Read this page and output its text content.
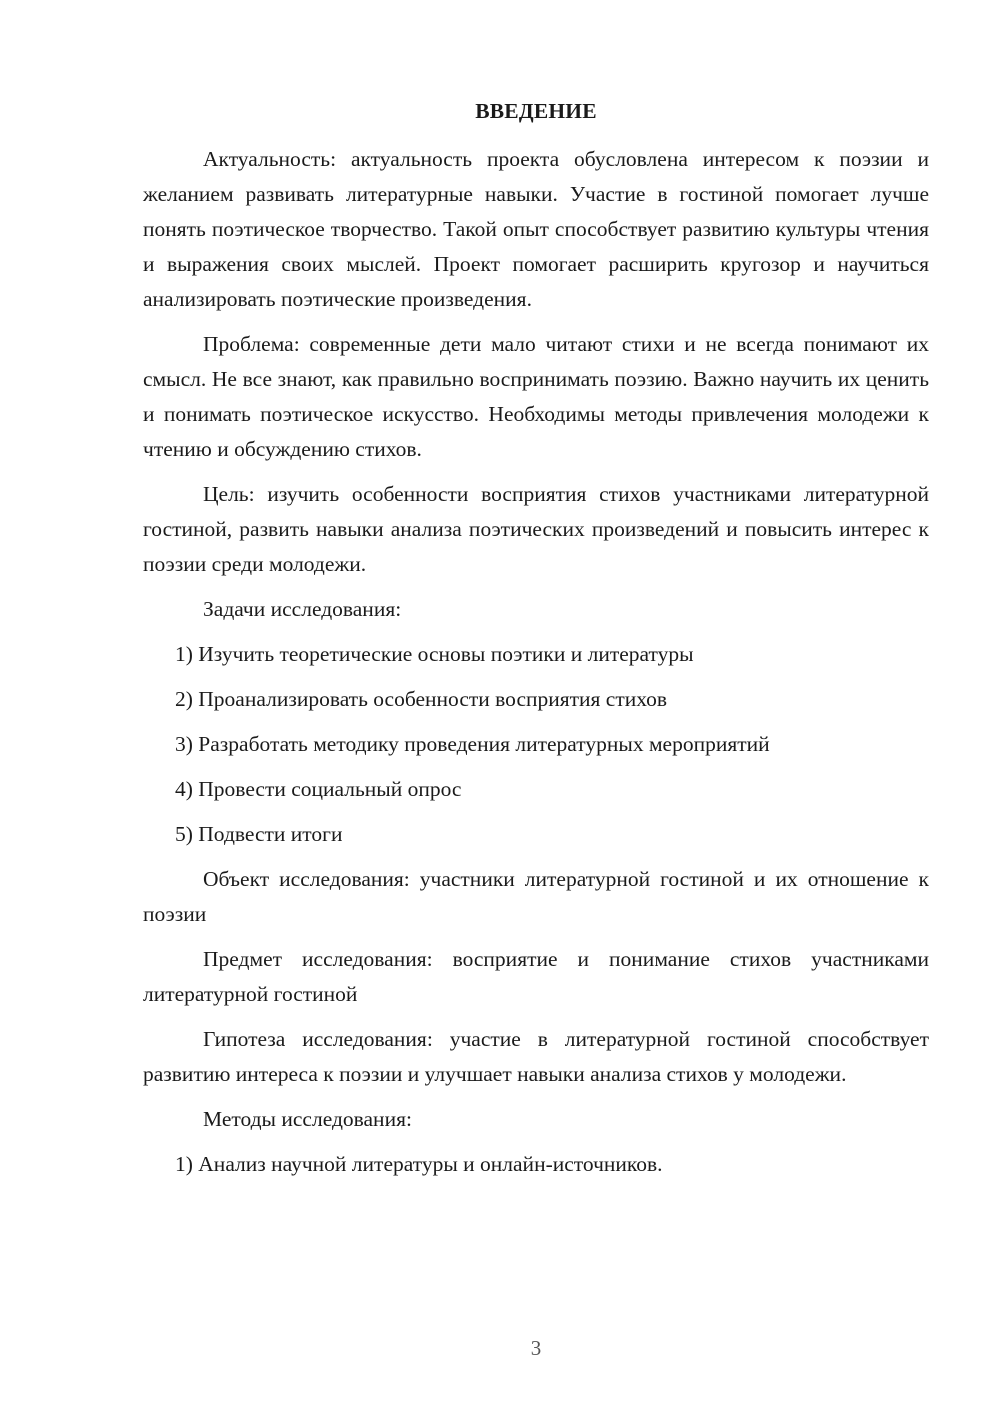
ВВЕДЕНИЕ

Актуальность: актуальность проекта обусловлена интересом к поэзии и желанием развивать литературные навыки. Участие в гостиной помогает лучше понять поэтическое творчество. Такой опыт способствует развитию культуры чтения и выражения своих мыслей. Проект помогает расширить кругозор и научиться анализировать поэтические произведения.

Проблема: современные дети мало читают стихи и не всегда понимают их смысл. Не все знают, как правильно воспринимать поэзию. Важно научить их ценить и понимать поэтическое искусство. Необходимы методы привлечения молодежи к чтению и обсуждению стихов.

Цель: изучить особенности восприятия стихов участниками литературной гостиной, развить навыки анализа поэтических произведений и повысить интерес к поэзии среди молодежи.

Задачи исследования:
1) Изучить теоретические основы поэтики и литературы
2) Проанализировать особенности восприятия стихов
3) Разработать методику проведения литературных мероприятий
4) Провести социальный опрос
5) Подвести итоги

Объект исследования: участники литературной гостиной и их отношение к поэзии

Предмет исследования: восприятие и понимание стихов участниками литературной гостиной

Гипотеза исследования: участие в литературной гостиной способствует развитию интереса к поэзии и улучшает навыки анализа стихов у молодежи.

Методы исследования:
1) Анализ научной литературы и онлайн-источников.
3
